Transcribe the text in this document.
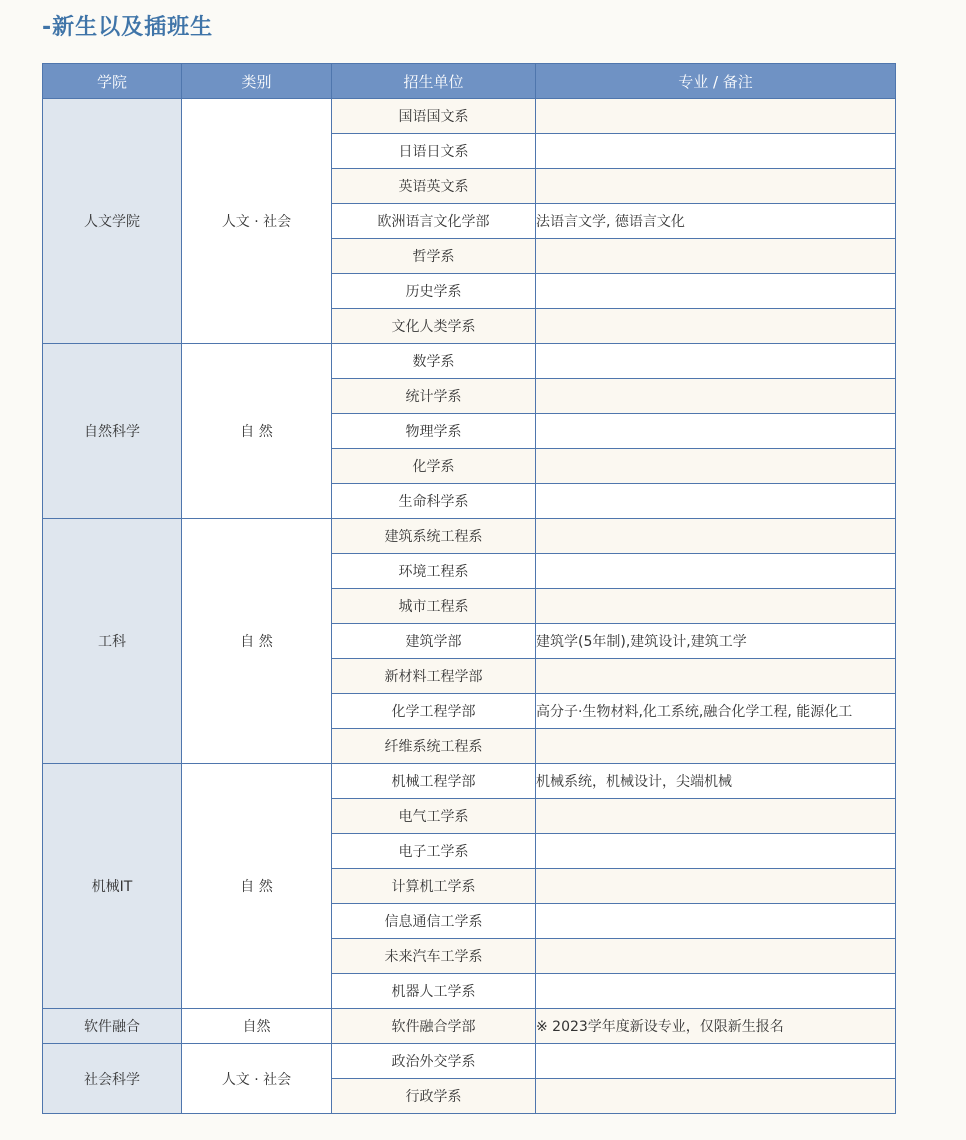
-新生以及插班生
学院	类别	招生单位	专业 / 备注
人文学院	人文 · 社会	国语国文系	
		日语日文系	
		英语英文系	
		欧洲语言文化学部	法语言文学, 德语言文化
		哲学系	
		历史学系	
		文化人类学系	
自然科学	自 然	数学系	
		统计学系	
		物理学系	
		化学系	
		生命科学系	
工科	自 然	建筑系统工程系	
		环境工程系	
		城市工程系	
		建筑学部	建筑学(5年制),建筑设计,建筑工学
		新材料工程学部	
		化学工程学部	高分子·生物材料,化工系统,融合化学工程, 能源化工
		纤维系统工程系	
机械IT	自 然	机械工程学部	机械系统，机械设计，尖端机械
		电气工学系	
		电子工学系	
		计算机工学系	
		信息通信工学系	
		未来汽车工学系	
		机器人工学系	
软件融合	自然	软件融合学部	※ 2023学年度新设专业，仅限新生报名
社会科学	人文 · 社会	政治外交学系	
		行政学系	
